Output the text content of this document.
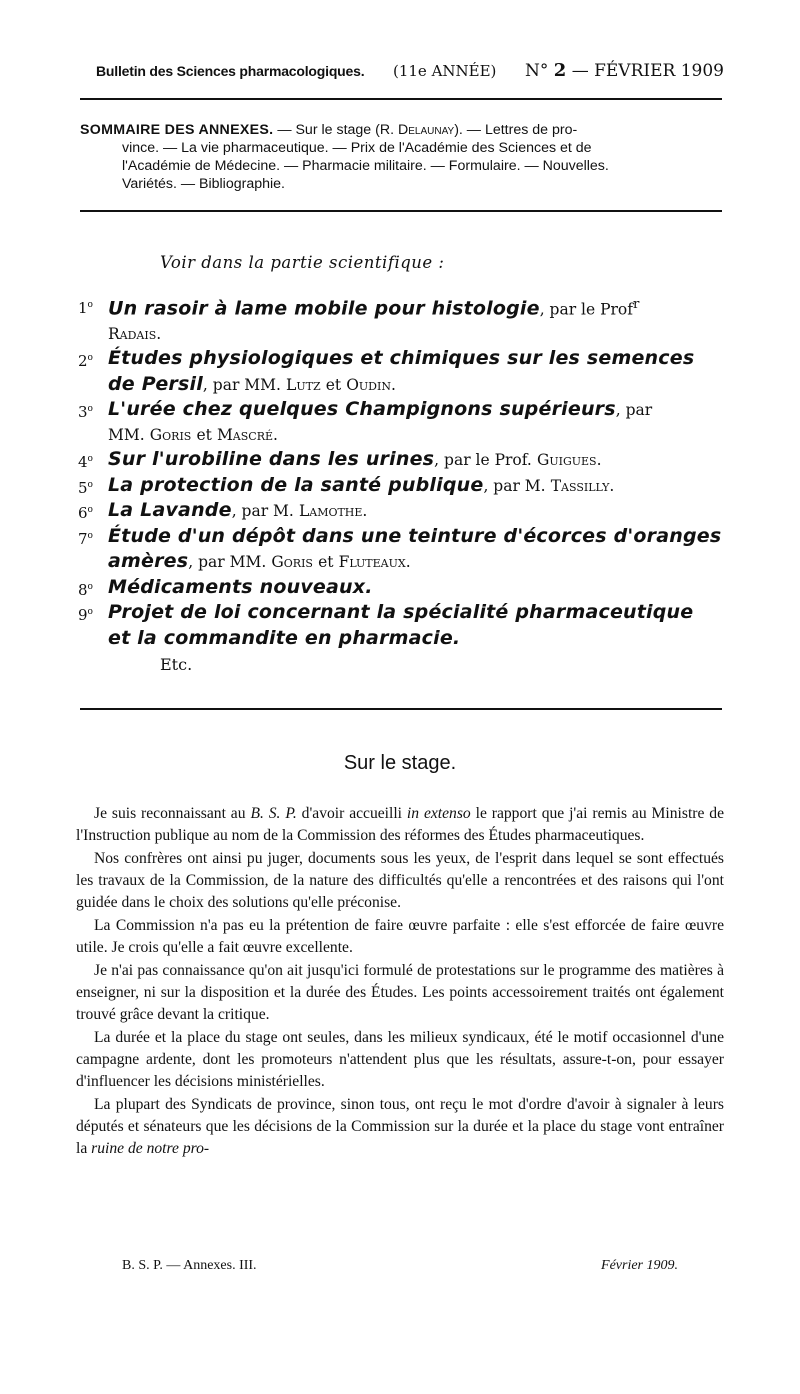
Bulletin des Sciences pharmacologiques. (11e ANNÉE) N° 2 — FÉVRIER 1909
SOMMAIRE DES ANNEXES. — Sur le stage (R. Delaunay). — Lettres de pro-
vince. — La vie pharmaceutique. — Prix de l'Académie des Sciences et de
l'Académie de Médecine. — Pharmacie militaire. — Formulaire. — Nouvelles.
Variétés. — Bibliographie.
Voir dans la partie scientifique :
1$^o$ Un rasoir à lame mobile pour histologie, par le Prof$^r$
Radais.
2$^o$ Études physiologiques et chimiques sur les semences
de Persil, par MM. Lutz et Oudin.
3$^o$ L'urée chez quelques Champignons supérieurs, par
MM. Goris et Mascré.
4$^o$ Sur l'urobiline dans les urines, par le Prof. Guigues.
5$^o$ La protection de la santé publique, par M. Tassilly.
6$^o$ La Lavande, par M. Lamothe.
7$^o$ Étude d'un dépôt dans une teinture d'écorces d'oranges
amères, par MM. Goris et Fluteaux.
8$^o$ Médicaments nouveaux.
9$^o$ Projet de loi concernant la spécialité pharmaceutique
et la commandite en pharmacie.
Etc.
Sur le stage.

Je suis reconnaissant au B. S. P. d'avoir accueilli in extenso le rapport que j'ai remis au Ministre de l'Instruction publique au nom de la Commission des réformes des Études pharmaceutiques.

Nos confrères ont ainsi pu juger, documents sous les yeux, de l'esprit dans lequel se sont effectués les travaux de la Commission, de la nature des difficultés qu'elle a rencontrées et des raisons qui l'ont guidée dans le choix des solutions qu'elle préconise.

La Commission n'a pas eu la prétention de faire œuvre parfaite : elle s'est efforcée de faire œuvre utile. Je crois qu'elle a fait œuvre excellente.

Je n'ai pas connaissance qu'on ait jusqu'ici formulé de protestations sur le programme des matières à enseigner, ni sur la disposition et la durée des Études. Les points accessoirement traités ont également trouvé grâce devant la critique.

La durée et la place du stage ont seules, dans les milieux syndicaux, été le motif occasionnel d'une campagne ardente, dont les promoteurs n'attendent plus que les résultats, assure-t-on, pour essayer d'influencer les décisions ministérielles.

La plupart des Syndicats de province, sinon tous, ont reçu le mot d'ordre d'avoir à signaler à leurs députés et sénateurs que les décisions de la Commission sur la durée et la place du stage vont entraîner la ruine de notre pro-

B. S. P. — Annexes. III.	Février 1909.
